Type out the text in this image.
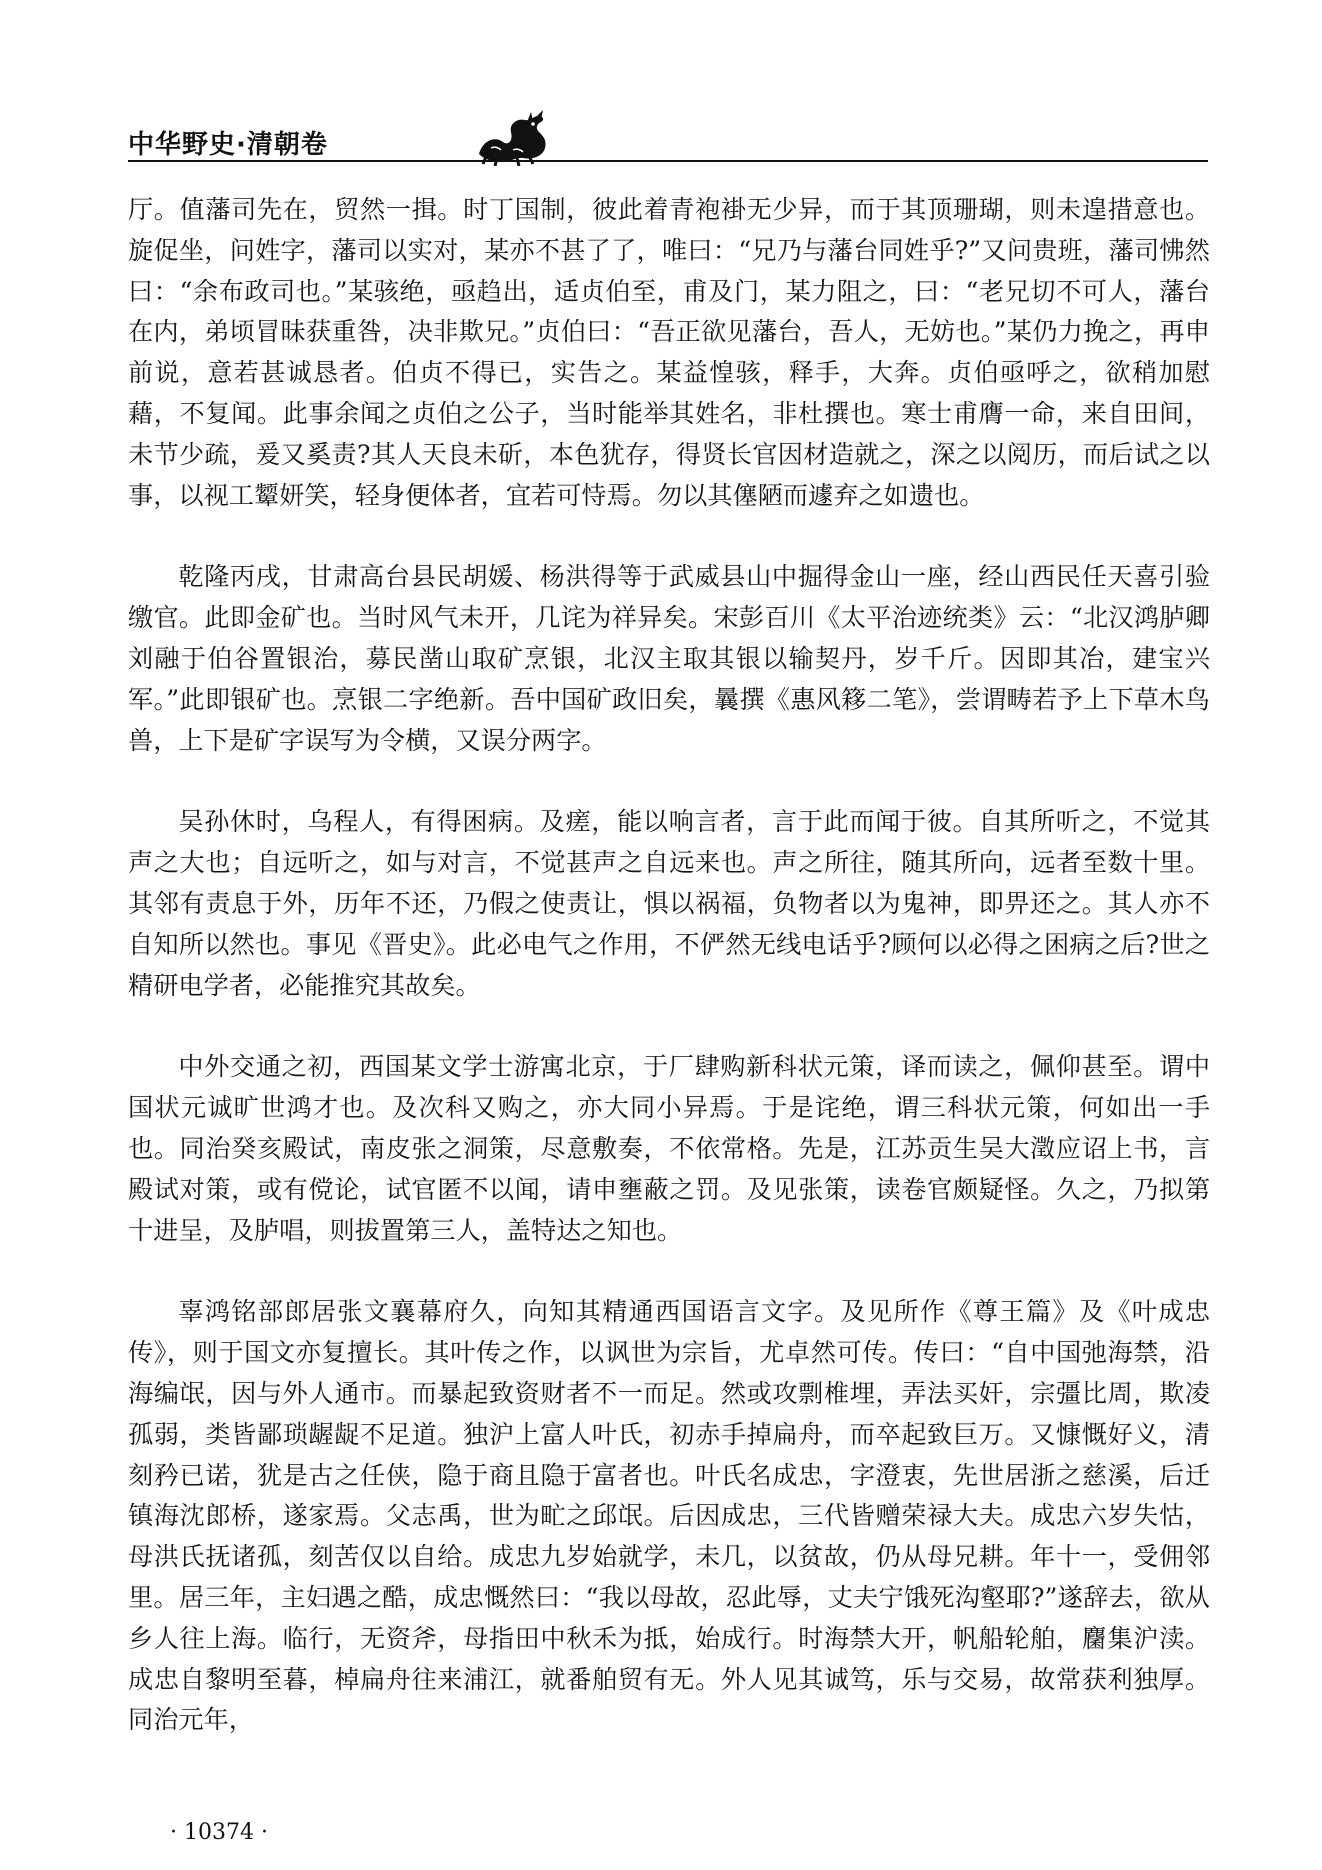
中华野史·清朝卷

厅。值藩司先在，贸然一揖。时丁国制，彼此着青袍褂无少异，而于其顶珊瑚，则未遑措意也。旋促坐，问姓字，藩司以实对，某亦不甚了了，唯曰：“兄乃与藩台同姓乎?”又问贵班，藩司怫然曰：“余布政司也。”某骇绝，亟趋出，适贞伯至，甫及门，某力阻之，曰：“老兄切不可人，藩台在内，弟顷冒昧获重咎，决非欺兄。”贞伯曰：“吾正欲见藩台，吾人，无妨也。”某仍力挽之，再申前说，意若甚诚恳者。伯贞不得已，实告之。某益惶骇，释手，大奔。贞伯亟呼之，欲稍加慰藉，不复闻。此事余闻之贞伯之公子，当时能举其姓名，非杜撰也。寒士甫膺一命，来自田间，未节少疏，爰又奚责?其人天良未斫，本色犹存，得贤长官因材造就之，深之以阅历，而后试之以事，以视工颦妍笑，轻身便体者，宜若可恃焉。勿以其僿陋而遽弃之如遗也。

乾隆丙戌，甘肃高台县民胡媛、杨洪得等于武威县山中掘得金山一座，经山西民任天喜引验缴官。此即金矿也。当时风气未开，几诧为祥异矣。宋彭百川《太平治迹统类》云：“北汉鸿胪卿刘融于伯谷置银治，募民凿山取矿烹银，北汉主取其银以输契丹，岁千斤。因即其冶，建宝兴军。”此即银矿也。烹银二字绝新。吾中国矿政旧矣，曩撰《惠风簃二笔》，尝谓畴若予上下草木鸟兽，上下是矿字误写为令横，又误分两字。

吴孙休时，乌程人，有得困病。及瘥，能以响言者，言于此而闻于彼。自其所听之，不觉其声之大也；自远听之，如与对言，不觉甚声之自远来也。声之所往，随其所向，远者至数十里。其邻有责息于外，历年不还，乃假之使责让，惧以祸福，负物者以为鬼神，即畀还之。其人亦不自知所以然也。事见《晋史》。此必电气之作用，不俨然无线电话乎?顾何以必得之困病之后?世之精研电学者，必能推究其故矣。

中外交通之初，西国某文学士游寓北京，于厂肆购新科状元策，译而读之，佩仰甚至。谓中国状元诚旷世鸿才也。及次科又购之，亦大同小异焉。于是诧绝，谓三科状元策，何如出一手也。同治癸亥殿试，南皮张之洞策，尽意敷奏，不依常格。先是，江苏贡生吴大澂应诏上书，言殿试对策，或有傥论，试官匿不以闻，请申壅蔽之罚。及见张策，读卷官颇疑怪。久之，乃拟第十进呈，及胪唱，则拔置第三人，盖特达之知也。

辜鸿铭部郎居张文襄幕府久，向知其精通西国语言文字。及见所作《尊王篇》及《叶成忠传》，则于国文亦复擅长。其叶传之作，以讽世为宗旨，尤卓然可传。传曰：“自中国弛海禁，沿海编氓，因与外人通市。而暴起致资财者不一而足。然或攻剽椎埋，弄法买奸，宗彊比周，欺凌孤弱，类皆鄙琐龌龊不足道。独沪上富人叶氏，初赤手掉扁舟，而卒起致巨万。又慷慨好义，清刻矜已诺，犹是古之任侠，隐于商且隐于富者也。叶氏名成忠，字澄衷，先世居浙之慈溪，后迁镇海沈郎桥，遂家焉。父志禹，世为甿之邱氓。后因成忠，三代皆赠荣禄大夫。成忠六岁失怙，母洪氏抚诸孤，刻苦仅以自给。成忠九岁始就学，未几，以贫故，仍从母兄耕。年十一，受佣邻里。居三年，主妇遇之酷，成忠慨然曰：“我以母故，忍此辱，丈夫宁饿死沟壑耶?”遂辞去，欲从乡人往上海。临行，无资斧，母指田中秋禾为抵，始成行。时海禁大开，帆船轮舶，麕集沪渎。成忠自黎明至暮，棹扁舟往来浦江，就番舶贸有无。外人见其诚笃，乐与交易，故常获利独厚。同治元年，

· 10374 ·
